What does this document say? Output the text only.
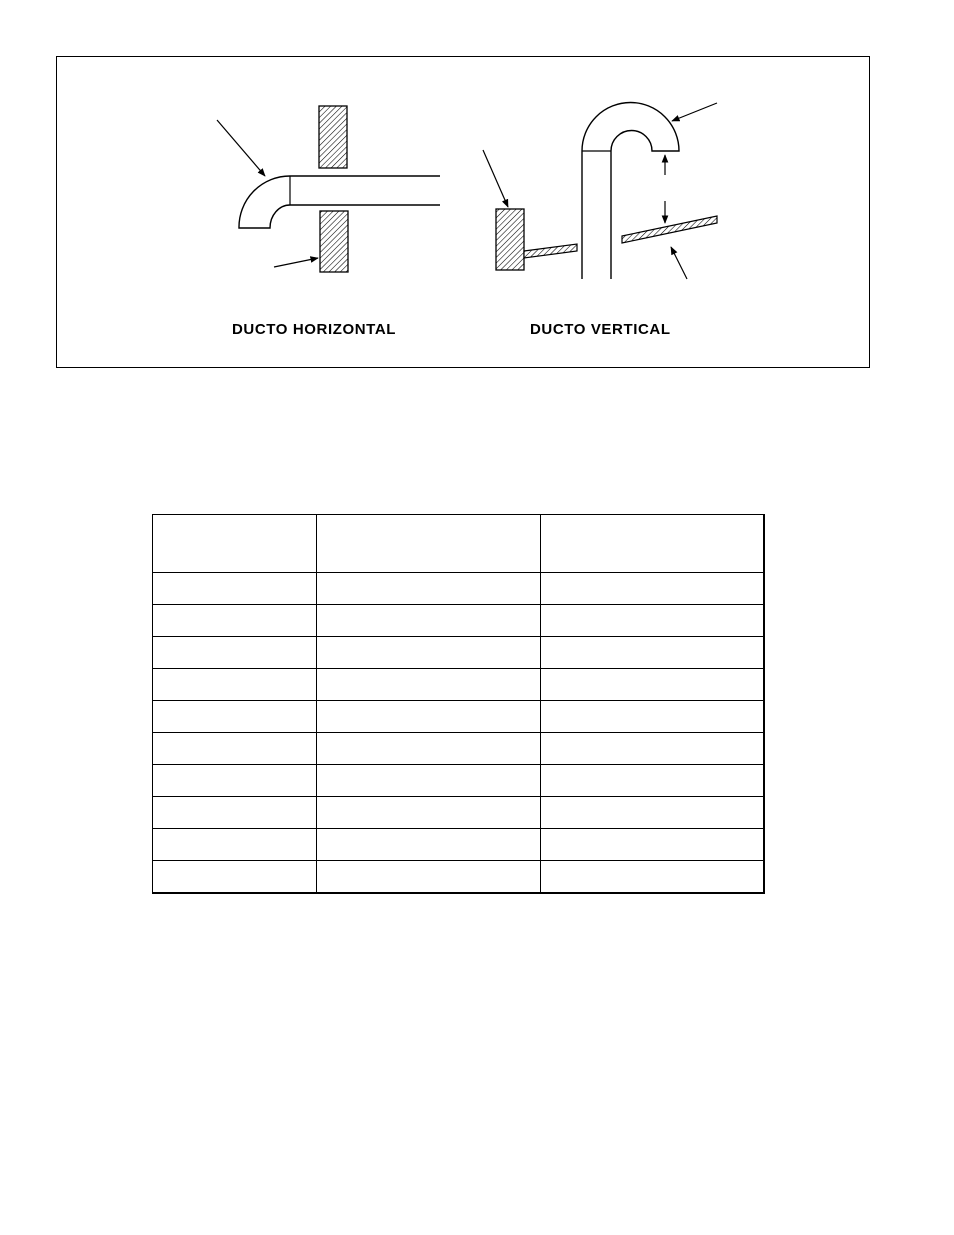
DUCTO HORIZONTAL	DUCTO VERTICAL
